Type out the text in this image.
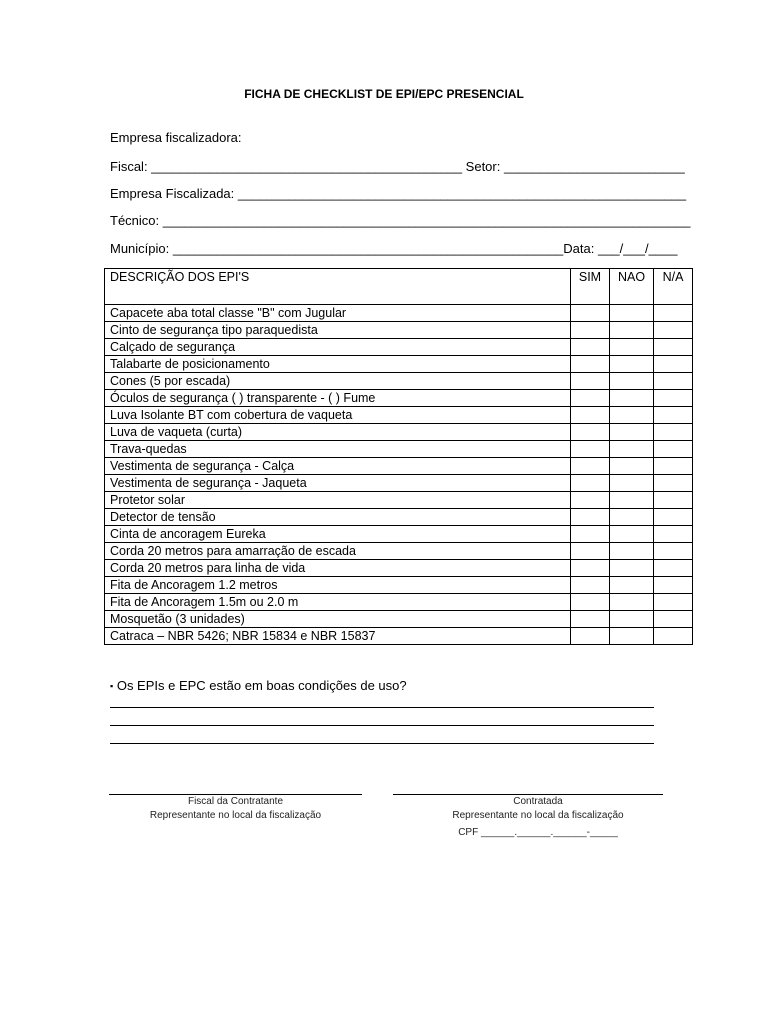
FICHA DE CHECKLIST DE EPI/EPC PRESENCIAL
Empresa fiscalizadora:
Fiscal: ___________________________________________ Setor: _________________________
Empresa Fiscalizada: ______________________________________________________________
Técnico: _________________________________________________________________________
Município: ______________________________________________________Data: ___/___/____
DESCRIÇÃO DOS EPI'S	SIM	NAO	N/A
Capacete aba total classe "B" com Jugular			
Cinto de segurança tipo paraquedista			
Calçado de segurança			
Talabarte de posicionamento			
Cones (5 por escada)			
Óculos de segurança ( ) transparente - ( ) Fume			
Luva Isolante BT com cobertura de vaqueta			
Luva de vaqueta (curta)			
Trava-quedas			
Vestimenta de segurança - Calça			
Vestimenta de segurança - Jaqueta			
Protetor solar			
Detector de tensão			
Cinta de ancoragem Eureka			
Corda 20 metros para amarração de escada			
Corda 20 metros para linha de vida			
Fita de Ancoragem 1.2 metros			
Fita de Ancoragem 1.5m ou 2.0 m			
Mosquetão (3 unidades)			
Catraca – NBR 5426; NBR 15834 e NBR 15837			
▪ Os EPIs e EPC estão em boas condições de uso?
Fiscal da Contratante
Representante no local da fiscalização
Contratada
Representante no local da fiscalização
CPF ______.______.______-_____
